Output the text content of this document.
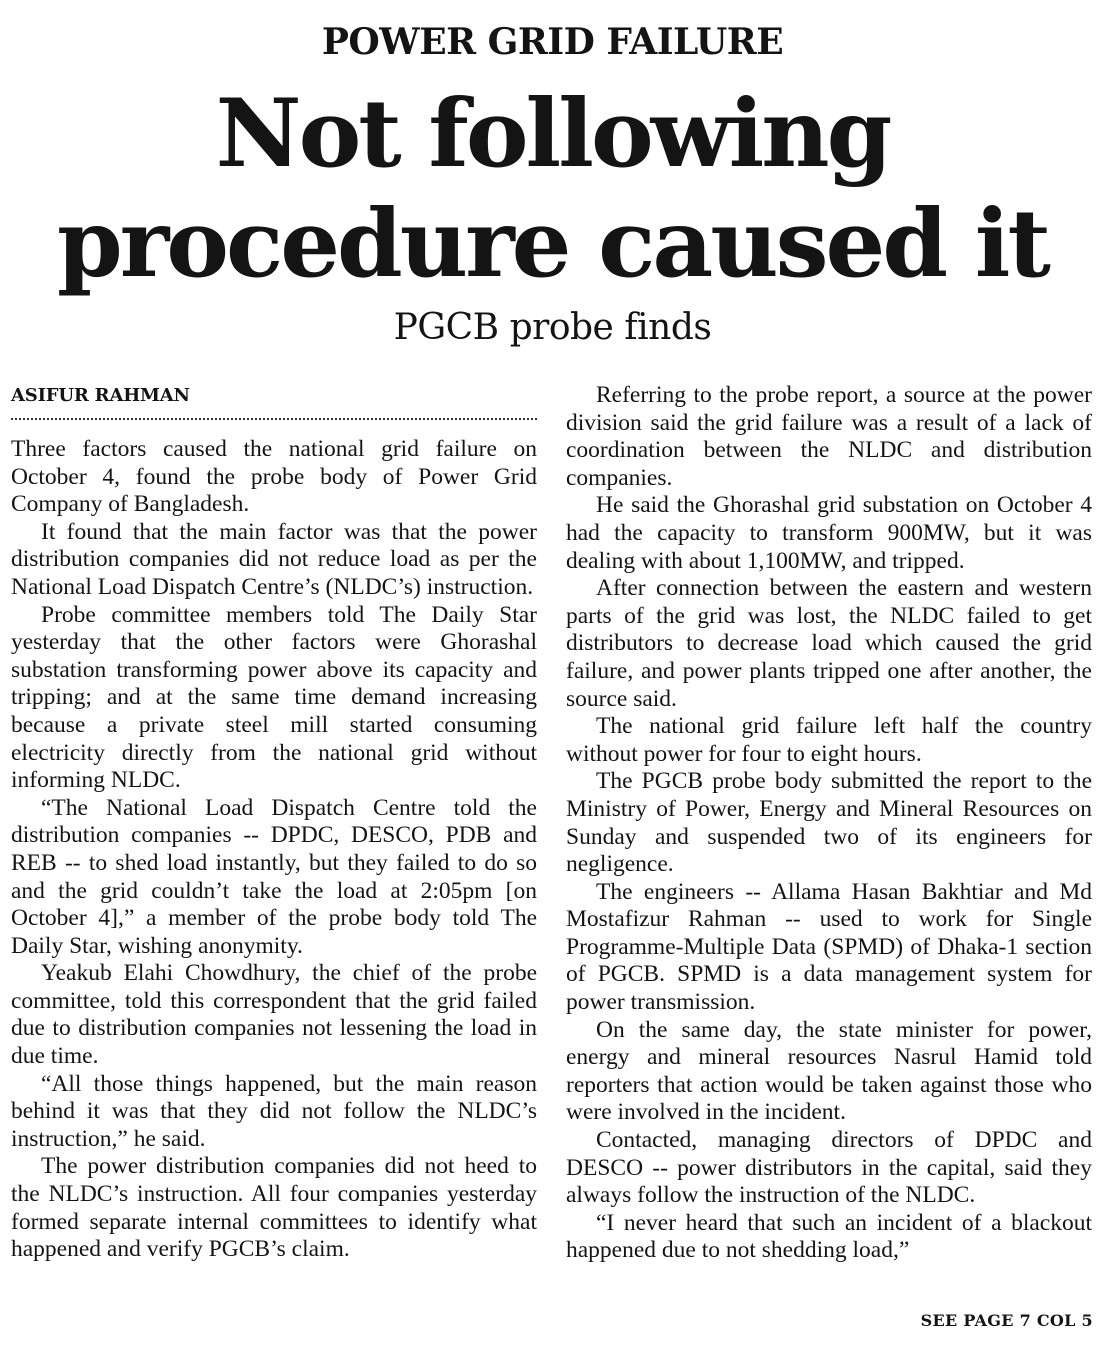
POWER GRID FAILURE
Not following
procedure caused it
PGCB probe finds
ASIFUR RAHMAN

Three factors caused the national grid failure on October 4, found the probe body of Power Grid Company of Bangladesh.

It found that the main factor was that the power distribution companies did not reduce load as per the National Load Dispatch Centre’s (NLDC’s) instruction.

Probe committee members told The Daily Star yesterday that the other factors were Ghorashal substation transforming power above its capacity and tripping; and at the same time demand increasing because a private steel mill started consuming electricity directly from the national grid without informing NLDC.

“The National Load Dispatch Centre told the distribution companies -- DPDC, DESCO, PDB and REB -- to shed load instantly, but they failed to do so and the grid couldn’t take the load at 2:05pm [on October 4],” a member of the probe body told The Daily Star, wishing anonymity.

Yeakub Elahi Chowdhury, the chief of the probe committee, told this correspondent that the grid failed due to distribution companies not lessening the load in due time.

“All those things happened, but the main reason behind it was that they did not follow the NLDC’s instruction,” he said.

The power distribution companies did not heed to the NLDC’s instruction. All four companies yesterday formed separate internal committees to identify what happened and verify PGCB’s claim.

Referring to the probe report, a source at the power division said the grid failure was a result of a lack of coordination between the NLDC and distribution companies.

He said the Ghorashal grid substation on October 4 had the capacity to transform 900MW, but it was dealing with about 1,100MW, and tripped.

After connection between the eastern and western parts of the grid was lost, the NLDC failed to get distributors to decrease load which caused the grid failure, and power plants tripped one after another, the source said.

The national grid failure left half the country without power for four to eight hours.

The PGCB probe body submitted the report to the Ministry of Power, Energy and Mineral Resources on Sunday and suspended two of its engineers for negligence.

The engineers -- Allama Hasan Bakhtiar and Md Mostafizur Rahman -- used to work for Single Programme-Multiple Data (SPMD) of Dhaka-1 section of PGCB. SPMD is a data management system for power transmission.

On the same day, the state minister for power, energy and mineral resources Nasrul Hamid told reporters that action would be taken against those who were involved in the incident.

Contacted, managing directors of DPDC and DESCO -- power distributors in the capital, said they always follow the instruction of the NLDC.

“I never heard that such an incident of a blackout happened due to not shedding load,”

SEE PAGE 7 COL 5
